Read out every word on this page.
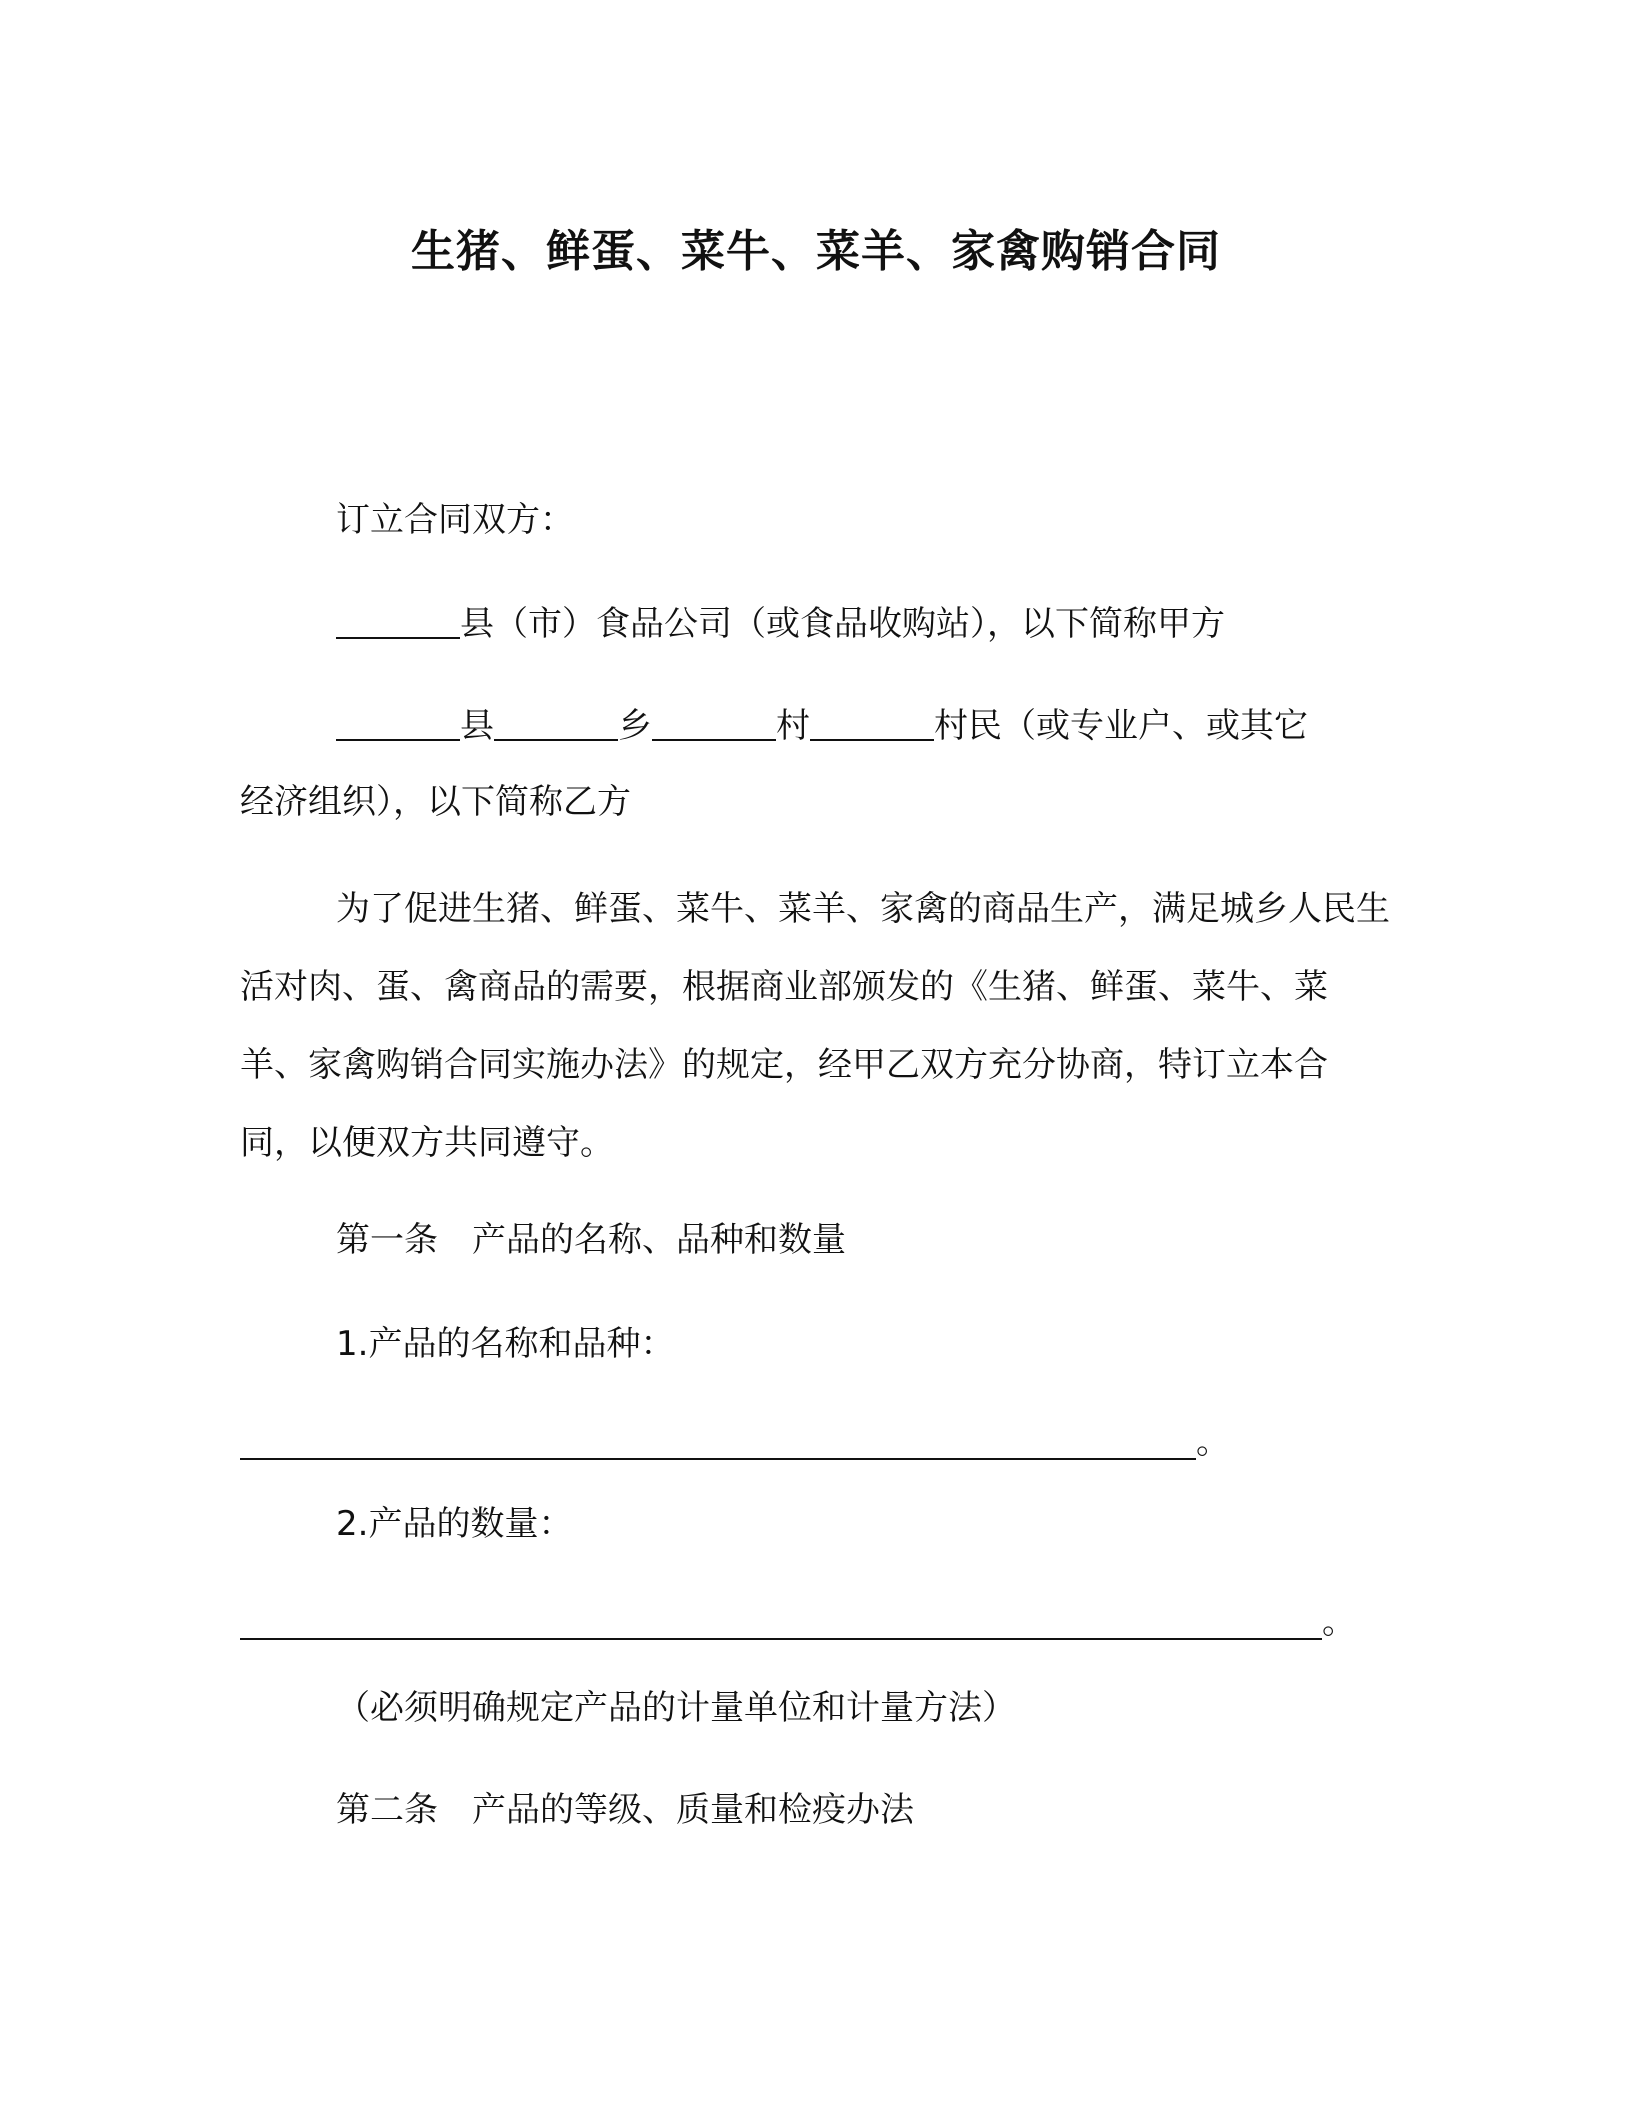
生猪、鲜蛋、菜牛、菜羊、家禽购销合同
订立合同双方：
县（市）食品公司（或食品收购站），以下简称甲方
县	乡	村	村民（或专业户、或其它
经济组织），以下简称乙方
为了促进生猪、鲜蛋、菜牛、菜羊、家禽的商品生产，满足城乡人民生活对肉、蛋、禽商品的需要，根据商业部颁发的《生猪、鲜蛋、菜牛、菜羊、家禽购销合同实施办法》的规定，经甲乙双方充分协商，特订立本合同，以便双方共同遵守。
第一条　产品的名称、品种和数量
1.产品的名称和品种：
。
2.产品的数量：
。
（必须明确规定产品的计量单位和计量方法）
第二条　产品的等级、质量和检疫办法
